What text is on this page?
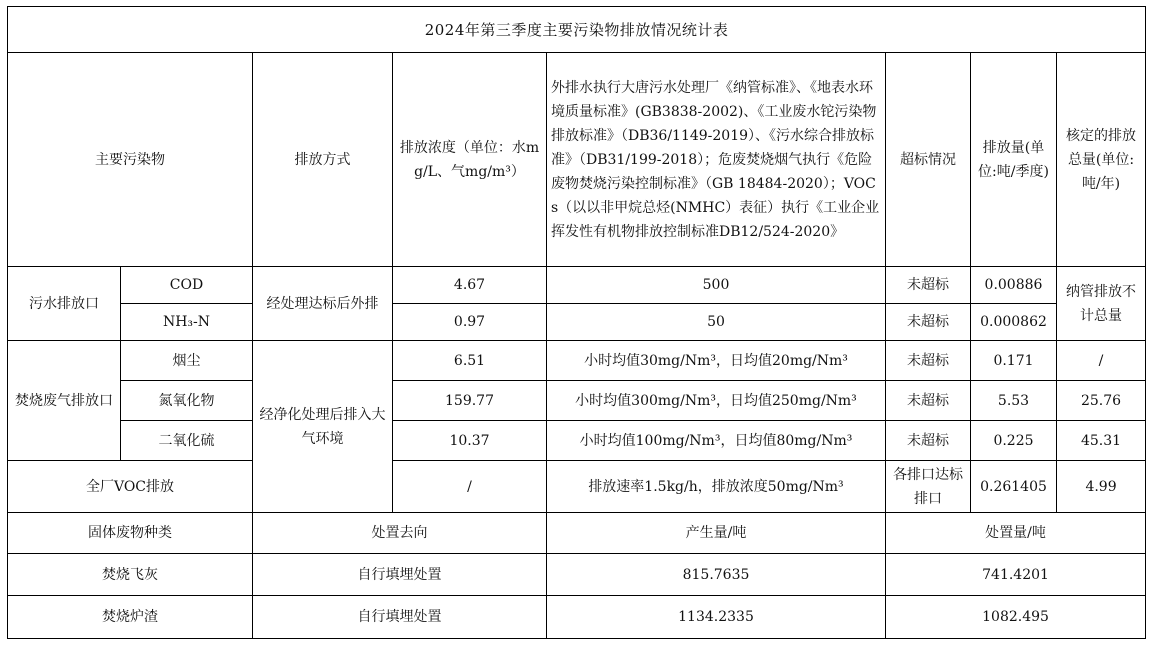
2024年第三季度主要污染物排放情况统计表							
主要污染物		排放方式	排放浓度（单位：水mg/L、气mg/m³）	外排水执行大唐污水处理厂《纳管标准》、《地表水环境质量标准》(GB3838-2002)、《工业废水铊污染物排放标准》（DB36/1149-2019）、《污水综合排放标准》（DB31/199-2018）；危废焚烧烟气执行《危险废物焚烧污染控制标准》（GB 18484-2020）；VOCs（以以非甲烷总烃(NMHC）表征）执行《工业企业挥发性有机物排放控制标准DB12/524-2020》	超标情况	排放量(单位:吨/季度)	核定的排放总量(单位:吨/年)
污水排放口	COD	经处理达标后外排	4.67	500	未超标	0.00886	纳管排放不计总量
	NH₃-N		0.97	50	未超标	0.000862	
焚烧废气排放口	烟尘	经净化处理后排入大气环境	6.51	小时均值30mg/Nm³，日均值20mg/Nm³	未超标	0.171	/
	氮氧化物		159.77	小时均值300mg/Nm³，日均值250mg/Nm³	未超标	5.53	25.76
	二氧化硫		10.37	小时均值100mg/Nm³，日均值80mg/Nm³	未超标	0.225	45.31
全厂VOC排放			/	排放速率1.5kg/h，排放浓度50mg/Nm³	各排口达标排口	0.261405	4.99
固体废物种类		处置去向		产生量/吨	处置量/吨		
焚烧飞灰		自行填埋处置		815.7635	741.4201		
焚烧炉渣		自行填埋处置		1134.2335	1082.495		
